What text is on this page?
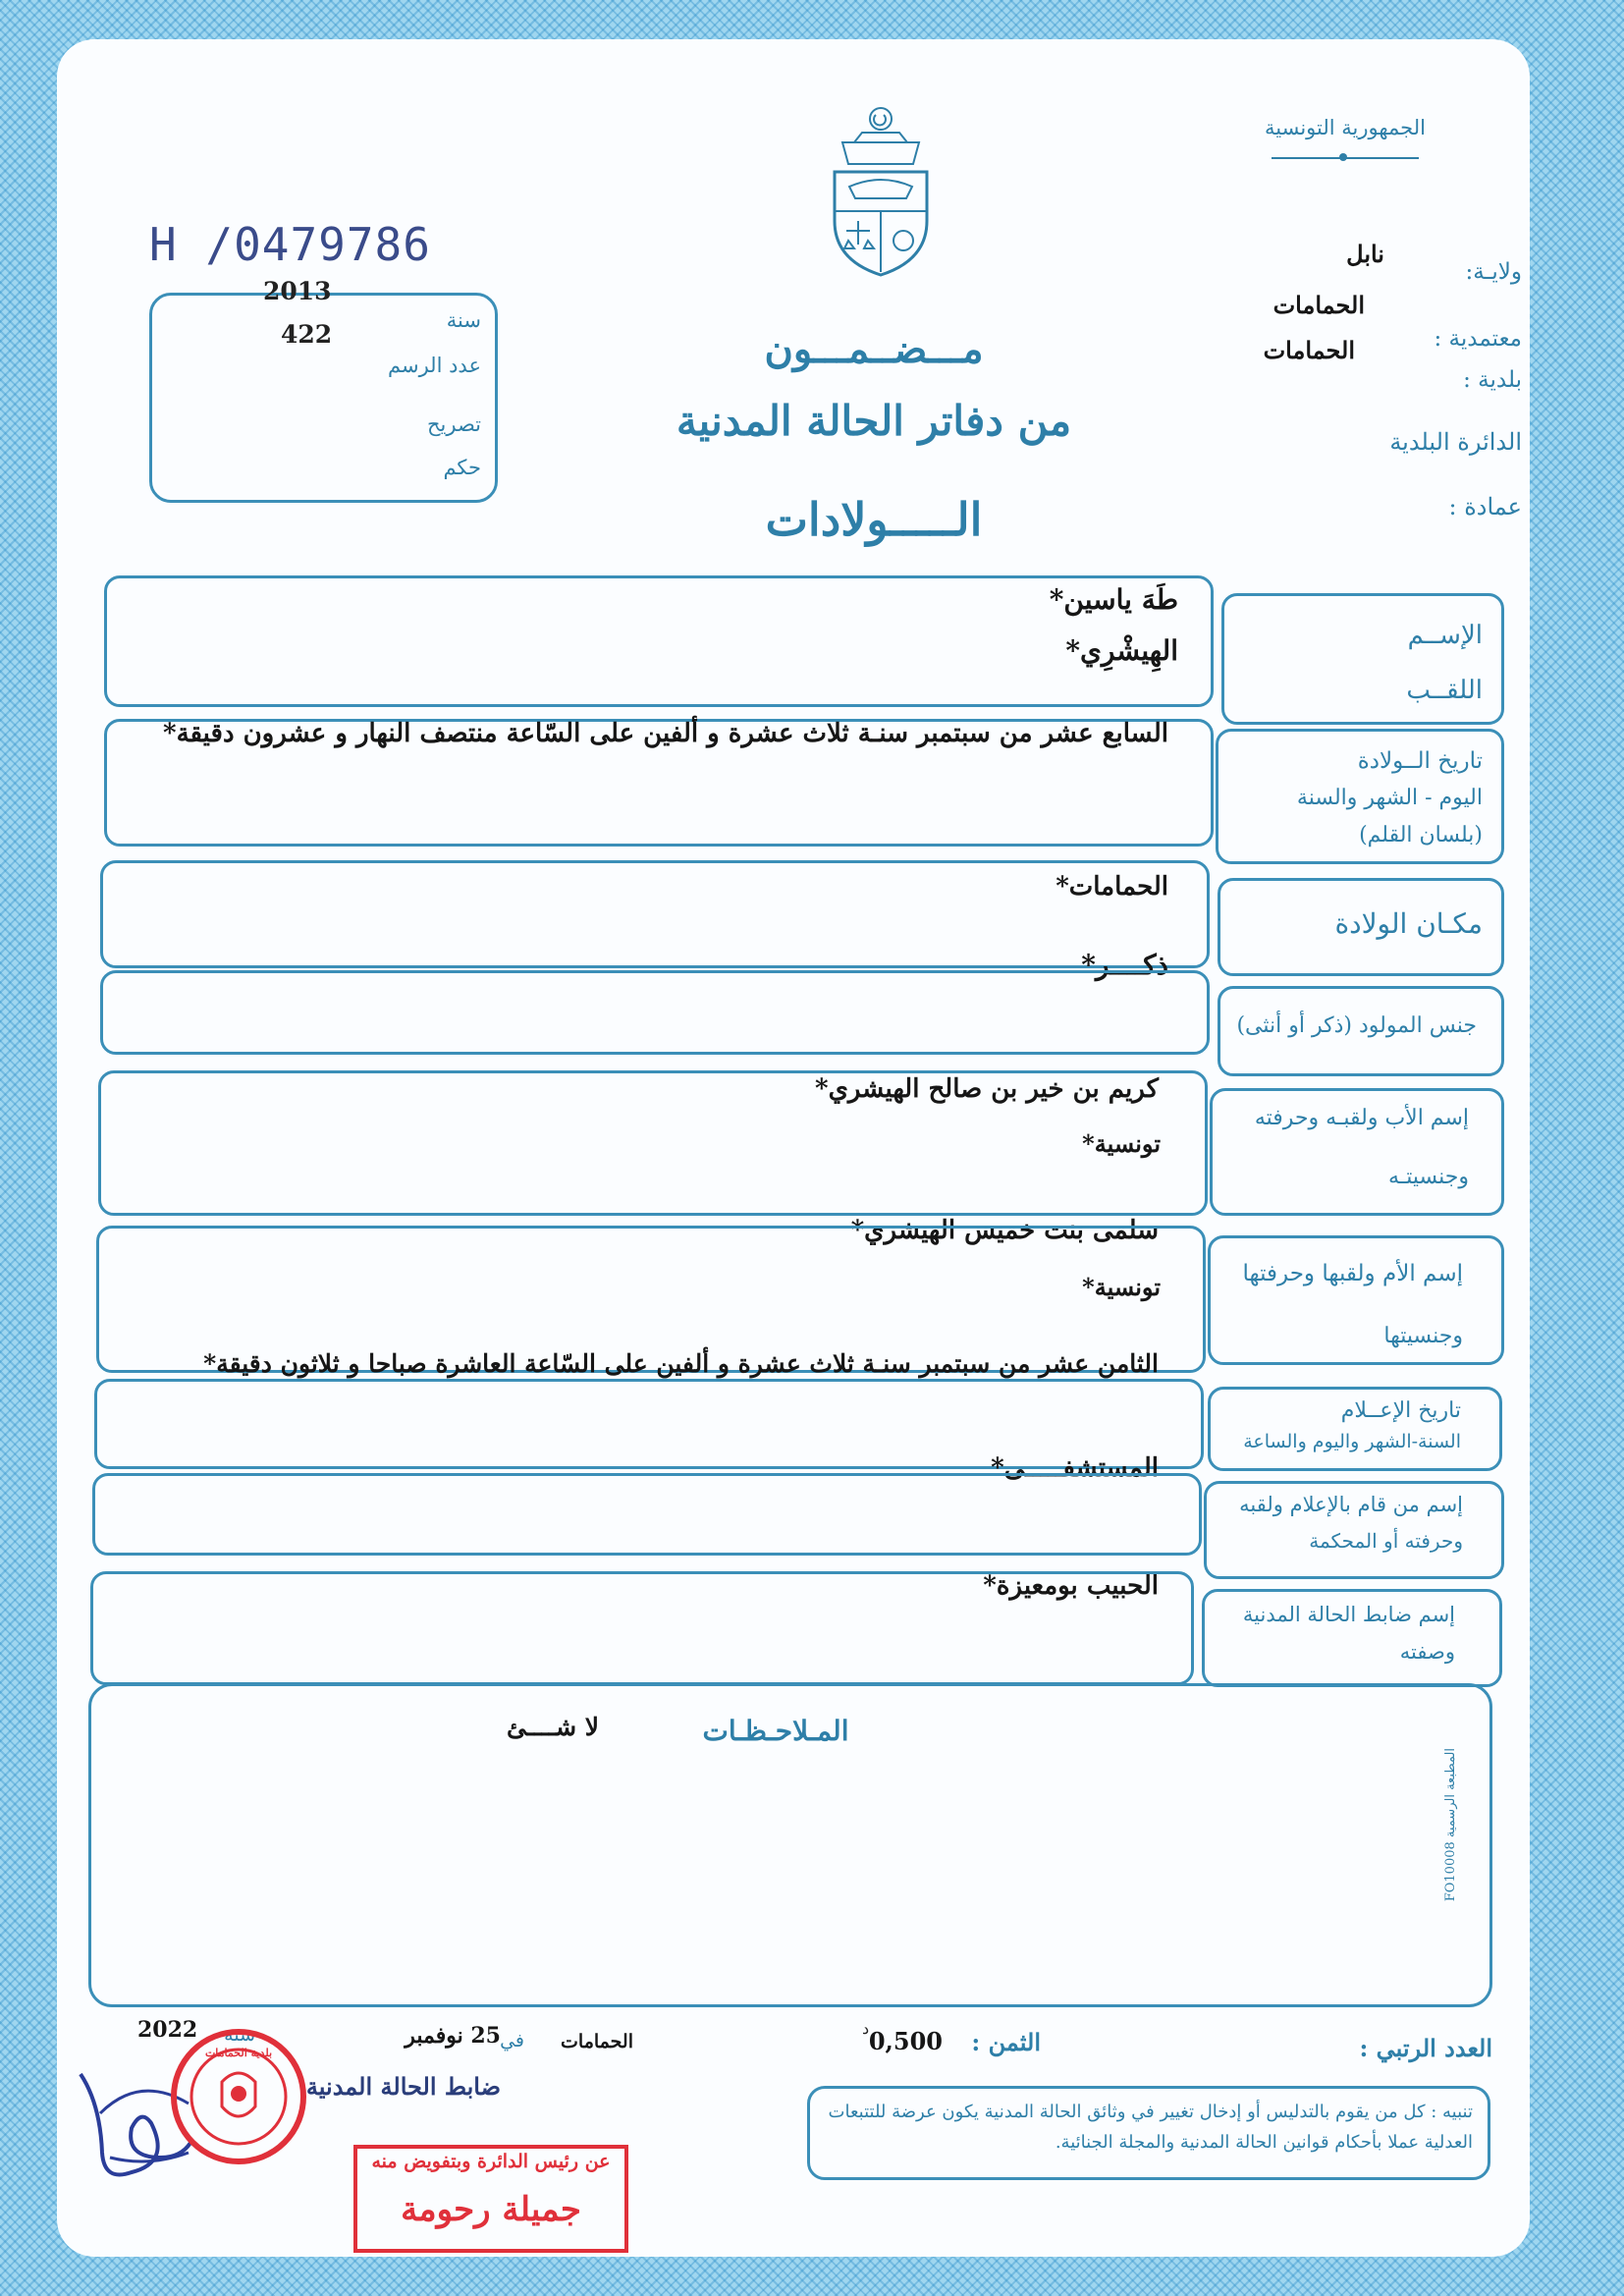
الجمهورية التونسية
H /0479786
2013
سنة
422
عدد الرسم
تصريح
حكم
ولايـة:
نابل
معتمدية :
الحمامات
بلدية :
الحمامات
الدائرة البلدية
عمادة :
مـــضــمـــون
من دفاتر الحالة المدنية
الـــــولادات
الإســم
اللقــب
طَهَ ياسين*
الهِيشْرِي*
تاريخ الــولادة
اليوم - الشهر والسنة
(بلسان القلم)
السابع عشر من سبتمبر سنـة ثلاث عشرة و ألفين على السّاعة منتصف النهار و عشرون دقيقة*
مكـان الولادة
الحمامات*
ذكــــر*
جنس المولود (ذكر أو أنثى)
إسم الأب ولقبـه وحرفته
وجنسيتـه
كريم بن خير بن صالح الهيشري*
تونسية*
سلمى بنت خميس الهيشري*
إسم الأم ولقبها وحرفتها
وجنسيتها
تونسية*
الثامن عشر من سبتمبر سنـة ثلاث عشرة و ألفين على السّاعة العاشرة صباحا و ثلاثون دقيقة*
تاريخ الإعــلام
السنة-الشهر واليوم والساعة
المستشفـــــى*
إسم من قام بالإعلام ولقبه
وحرفته أو المحكمة
الحبيب بومعيزة*
إسم ضابط الحالة المدنية
وصفته
المـلاحـظـات
لا شــــئ
المطبعة الرسمية FO10008
العدد الرتبي :
الثمن :
0,500
د
الحمامات
في
25 نوفمبر
سنة
2022
ضابط الحالة المدنية
تنبيه : كل من يقوم بالتدليس أو إدخال تغيير في وثائق الحالة المدنية يكون عرضة للتتبعات العدلية عملا بأحكام قوانين الحالة المدنية والمجلة الجنائية.
بلدية الحمامات
عن رئيس الدائرة وبتفويض منه
جميلة رحومة
